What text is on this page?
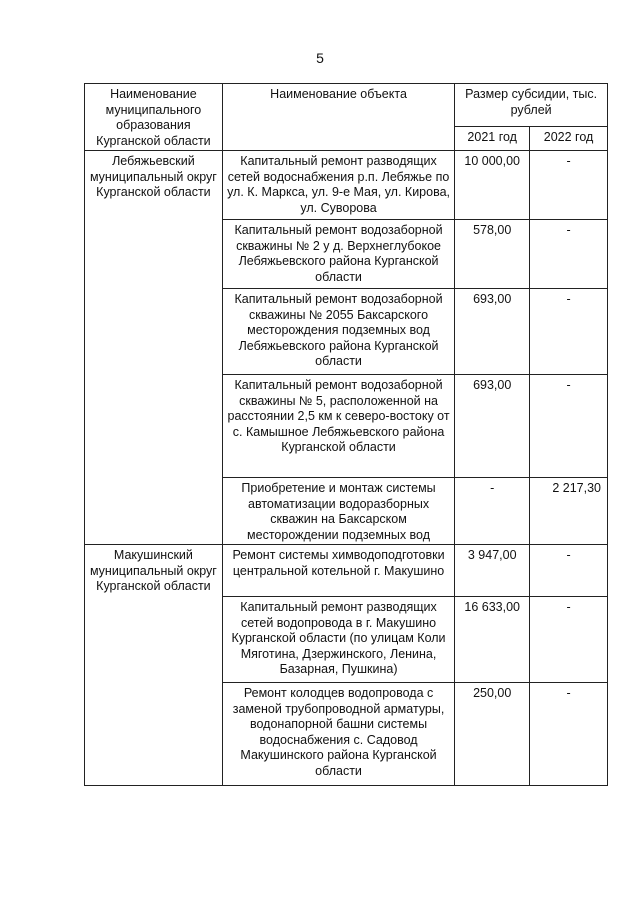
5
Наименование муниципального образования Курганской области	Наименование объекта	Размер субсидии, тыс. рублей	
		2021 год	2022 год
Лебяжьевский муниципальный округ Курганской области	Капитальный ремонт разводящих сетей водоснабжения р.п. Лебяжье по ул. К. Маркса, ул. 9-е Мая, ул. Кирова, ул. Суворова	10 000,00	-
	Капитальный ремонт водозаборной скважины № 2 у д. Верхнеглубокое Лебяжьевского района Курганской области	578,00	-
	Капитальный ремонт водозаборной скважины № 2055 Баксарского месторождения подземных вод Лебяжьевского района Курганской области	693,00	-
	Капитальный ремонт водозаборной скважины № 5, расположенной на расстоянии 2,5 км к северо-востоку от с. Камышное Лебяжьевского района Курганской области	693,00	-
	Приобретение и монтаж системы автоматизации водоразборных скважин на Баксарском месторождении подземных вод	-	2 217,30
Макушинский муниципальный округ Курганской области	Ремонт системы химводоподготовки центральной котельной г. Макушино	3 947,00	-
	Капитальный ремонт разводящих сетей водопровода в г. Макушино Курганской области (по улицам Коли Мяготина, Дзержинского, Ленина, Базарная, Пушкина)	16 633,00	-
	Ремонт колодцев водопровода с заменой трубопроводной арматуры, водонапорной башни системы водоснабжения с. Садовод Макушинского района Курганской области	250,00	-
